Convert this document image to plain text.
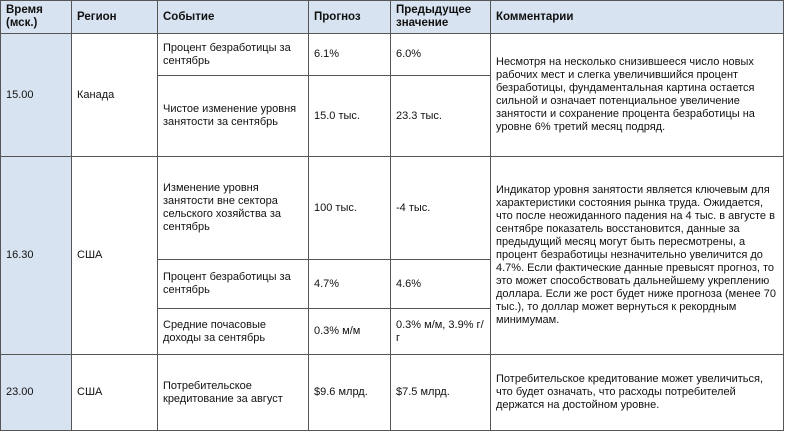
Время (мск.)	Регион	Событие	Прогноз	Предыдущее значение	Комментарии
15.00	Канада	Процент безработицы за сентябрь	6.1%	6.0%	Несмотря на несколько снизившееся число новых рабочих мест и слегка увеличившийся процент безработицы, фундаментальная картина остается сильной и означает потенциальное увеличение занятости и сохранение процента безработицы на уровне 6% третий месяц подряд.
		Чистое изменение уровня занятости за сентябрь	15.0 тыс.	23.3 тыс.	
16.30	США	Изменение уровня занятости вне сектора сельского хозяйства за сентябрь	100 тыс.	-4 тыс.	Индикатор уровня занятости является ключевым для характеристики состояния рынка труда. Ожидается, что после неожиданного падения на 4 тыс. в августе в сентябре показатель восстановится, данные за предыдущий месяц могут быть пересмотрены, а процент безработицы незначительно увеличится до 4.7%. Если фактические данные превысят прогноз, то это может способствовать дальнейшему укреплению доллара. Если же рост будет ниже прогноза (менее 70 тыс.), то доллар может вернуться к рекордным минимумам.
		Процент безработицы за сентябрь	4.7%	4.6%	
		Средние почасовые доходы за сентябрь	0.3% м/м	0.3% м/м, 3.9% г/г	
23.00	США	Потребительское кредитование за август	$9.6 млрд.	$7.5 млрд.	Потребительское кредитование может увеличиться, что будет означать, что расходы потребителей держатся на достойном уровне.
